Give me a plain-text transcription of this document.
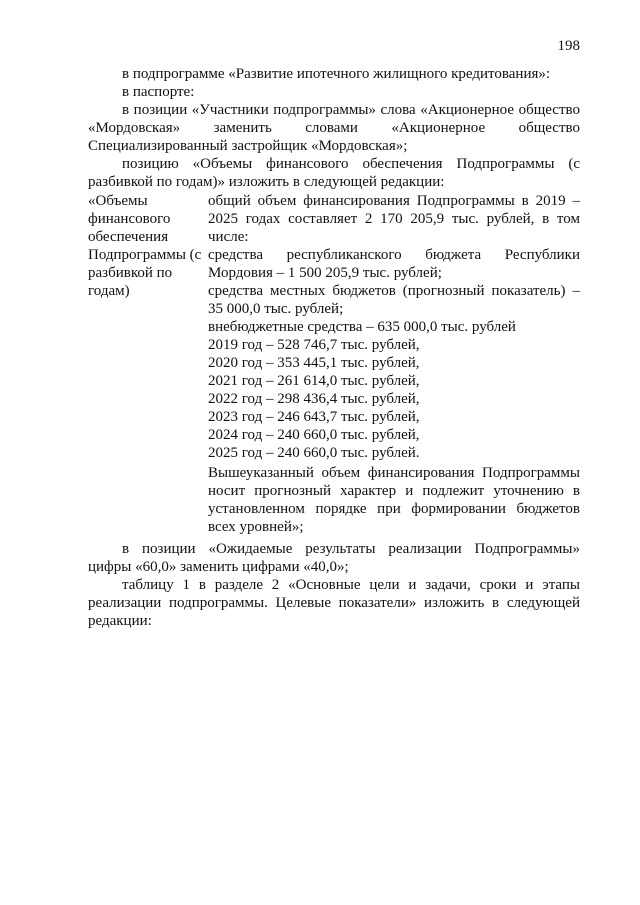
198
в подпрограмме «Развитие ипотечного жилищного кредитования»:
в паспорте:
в позиции «Участники подпрограммы» слова «Акционерное общество «Мордовская» заменить словами «Акционерное общество Специализированный застройщик «Мордовская»;
позицию «Объемы финансового обеспечения Подпрограммы (с разбивкой по годам)» изложить в следующей редакции:
«Объемы финансового обеспечения Подпрограммы (с разбивкой по годам)
общий объем финансирования Подпрограммы в 2019 – 2025 годах составляет 2 170 205,9 тыс. рублей, в том числе:
средства республиканского бюджета Республики Мордовия – 1 500 205,9 тыс. рублей;
средства местных бюджетов (прогнозный показатель) – 35 000,0 тыс. рублей;
внебюджетные средства – 635 000,0 тыс. рублей
2019 год – 528 746,7 тыс. рублей,
2020 год – 353 445,1 тыс. рублей,
2021 год – 261 614,0 тыс. рублей,
2022 год – 298 436,4 тыс. рублей,
2023 год – 246 643,7 тыс. рублей,
2024 год – 240 660,0 тыс. рублей,
2025 год – 240 660,0 тыс. рублей.
Вышеуказанный объем финансирования Подпрограммы носит прогнозный характер и подлежит уточнению в установленном порядке при формировании бюджетов всех уровней»;
в позиции «Ожидаемые результаты реализации Подпрограммы» цифры «60,0» заменить цифрами «40,0»;
таблицу 1 в разделе 2 «Основные цели и задачи, сроки и этапы реализации подпрограммы. Целевые показатели» изложить в следующей редакции:
